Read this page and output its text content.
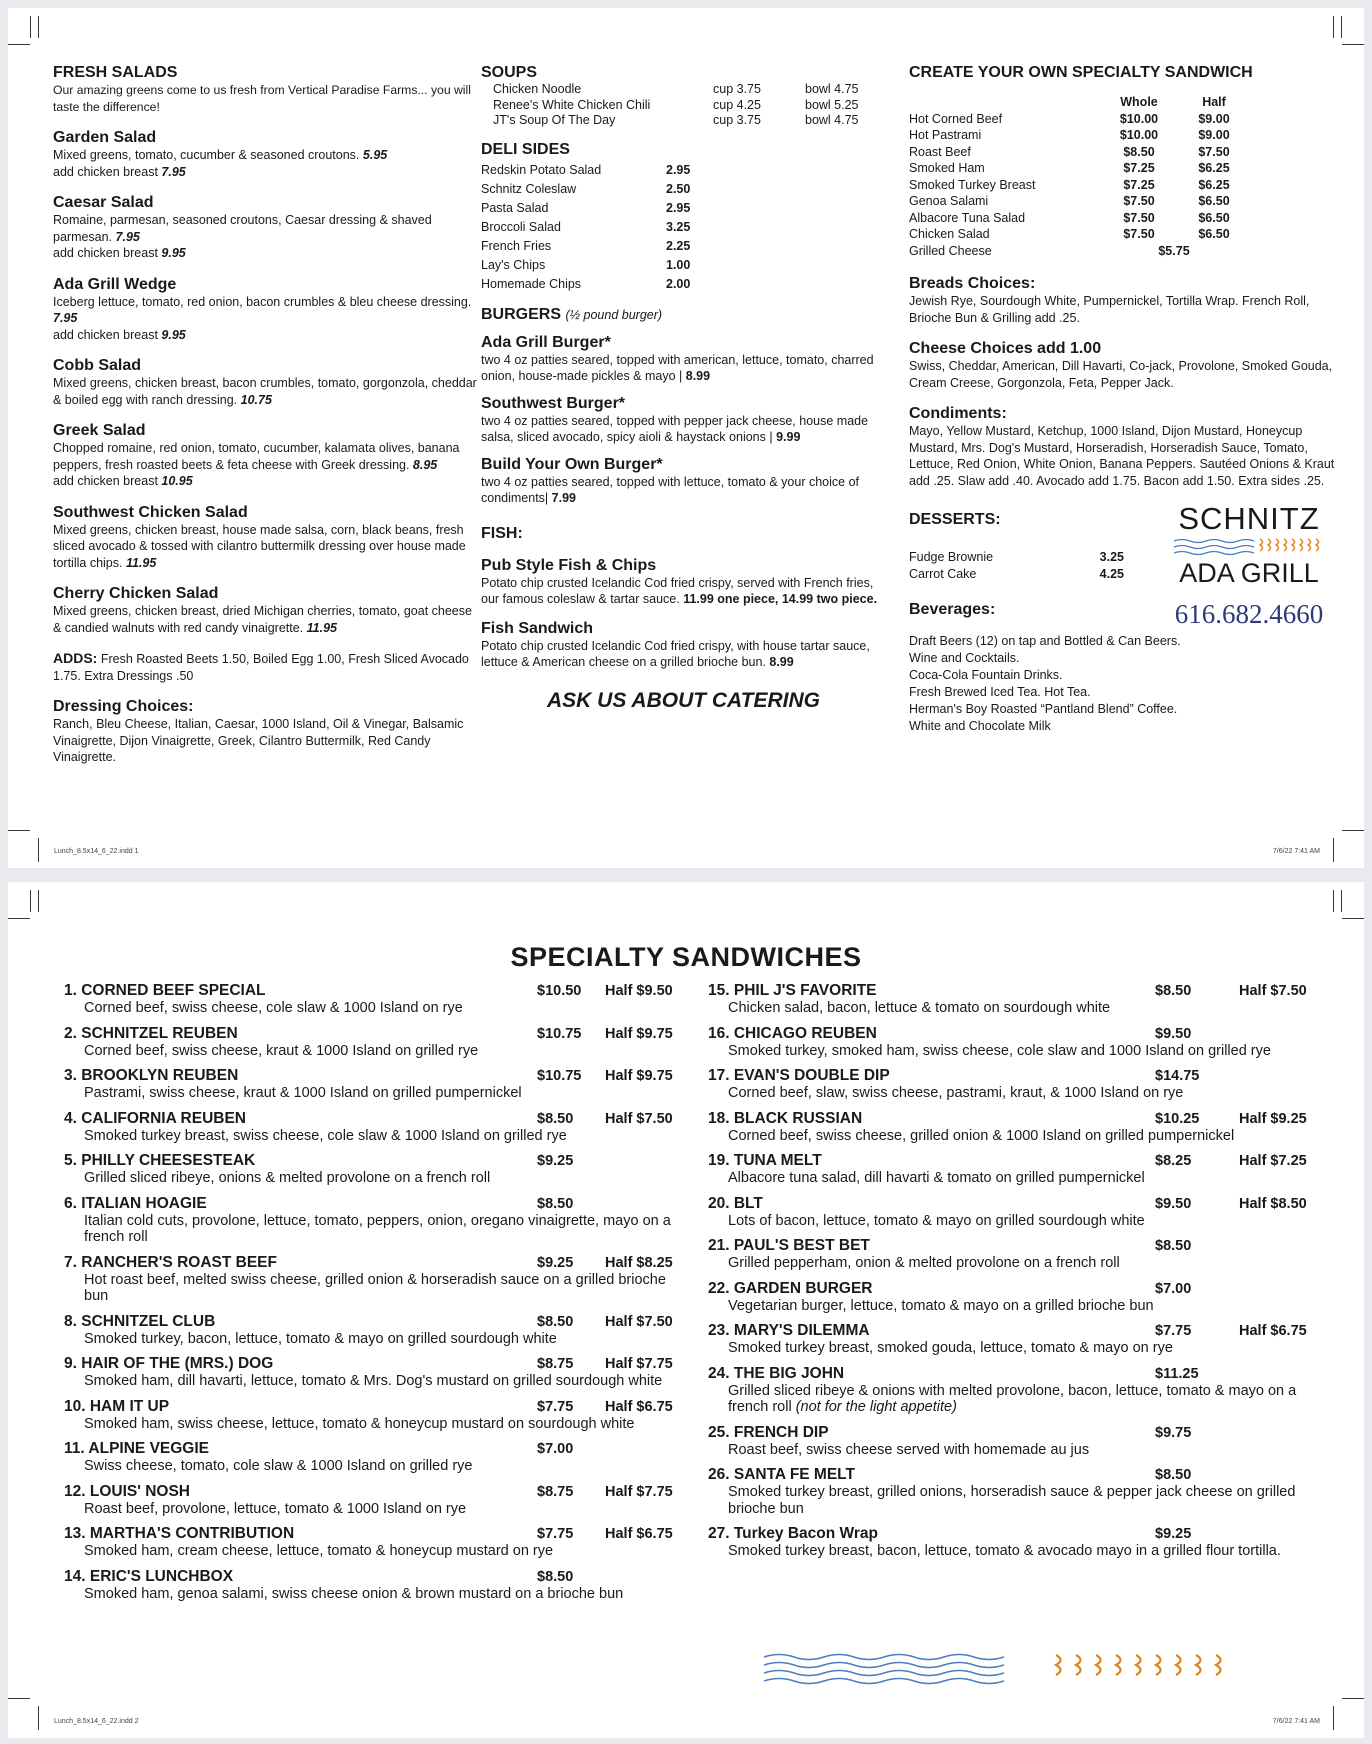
Lunch_8.5x14_6_22.indd 1	7/6/22 7:41 AM
FRESH SALADS
Our amazing greens come to us fresh from Vertical Paradise Farms... you will taste the difference!
Garden Salad
Mixed greens, tomato, cucumber & seasoned croutons. 5.95
add chicken breast 7.95
Caesar Salad
Romaine, parmesan, seasoned croutons, Caesar dressing & shaved parmesan. 7.95
add chicken breast 9.95
Ada Grill Wedge
Iceberg lettuce, tomato, red onion, bacon crumbles & bleu cheese dressing. 7.95
add chicken breast 9.95
Cobb Salad
Mixed greens, chicken breast, bacon crumbles, tomato, gorgonzola, cheddar & boiled egg with ranch dressing. 10.75
Greek Salad
Chopped romaine, red onion, tomato, cucumber, kalamata olives, banana peppers, fresh roasted beets & feta cheese with Greek dressing. 8.95
add chicken breast 10.95
Southwest Chicken Salad
Mixed greens, chicken breast, house made salsa, corn, black beans, fresh sliced avocado & tossed with cilantro buttermilk dressing over house made tortilla chips. 11.95
Cherry Chicken Salad
Mixed greens, chicken breast, dried Michigan cherries, tomato, goat cheese & candied walnuts with red candy vinaigrette. 11.95
ADDS: Fresh Roasted Beets 1.50, Boiled Egg 1.00, Fresh Sliced Avocado 1.75. Extra Dressings .50
Dressing Choices:
Ranch, Bleu Cheese, Italian, Caesar, 1000 Island, Oil & Vinegar, Balsamic Vinaigrette, Dijon Vinaigrette, Greek, Cilantro Buttermilk, Red Candy Vinaigrette.
SOUPS
Chicken Noodle	cup 3.75	bowl 4.75
Renee's White Chicken Chili	cup 4.25	bowl 5.25
JT's Soup Of The Day	cup 3.75	bowl 4.75
DELI SIDES
Redskin Potato Salad	2.95
Schnitz Coleslaw	2.50
Pasta Salad	2.95
Broccoli Salad	3.25
French Fries	2.25
Lay's Chips	1.00
Homemade Chips	2.00
BURGERS (½ pound burger)
Ada Grill Burger*
two 4 oz patties seared, topped with american, lettuce, tomato, charred onion, house-made pickles & mayo | 8.99
Southwest Burger*
two 4 oz patties seared, topped with pepper jack cheese, house made salsa, sliced avocado, spicy aioli & haystack onions | 9.99
Build Your Own Burger*
two 4 oz patties seared, topped with lettuce, tomato & your choice of condiments| 7.99
FISH:
Pub Style Fish & Chips
Potato chip crusted Icelandic Cod fried crispy, served with French fries, our famous coleslaw & tartar sauce. 11.99 one piece, 14.99 two piece.
Fish Sandwich
Potato chip crusted Icelandic Cod fried crispy, with house tartar sauce, lettuce & American cheese on a grilled brioche bun. 8.99
ASK US ABOUT CATERING
CREATE YOUR OWN SPECIALTY SANDWICH
	Whole	Half
Hot Corned Beef	$10.00	$9.00
Hot Pastrami	$10.00	$9.00
Roast Beef	$8.50	$7.50
Smoked Ham	$7.25	$6.25
Smoked Turkey Breast	$7.25	$6.25
Genoa Salami	$7.50	$6.50
Albacore Tuna Salad	$7.50	$6.50
Chicken Salad	$7.50	$6.50
Grilled Cheese	$5.75	
Breads Choices:
Jewish Rye, Sourdough White, Pumpernickel, Tortilla Wrap. French Roll, Brioche Bun & Grilling add .25.
Cheese Choices add 1.00
Swiss, Cheddar, American, Dill Havarti, Co-jack, Provolone, Smoked Gouda, Cream Creese, Gorgonzola, Feta, Pepper Jack.
Condiments:
Mayo, Yellow Mustard, Ketchup, 1000 Island, Dijon Mustard, Honeycup Mustard, Mrs. Dog's Mustard, Horseradish, Horseradish Sauce, Tomato, Lettuce, Red Onion, White Onion, Banana Peppers. Sautéed Onions & Kraut add .25. Slaw add .40. Avocado add 1.75. Bacon add 1.50. Extra sides .25.
DESSERTS:
Fudge Brownie	3.25
Carrot Cake	4.25
Beverages:
Draft Beers (12) on tap and Bottled & Can Beers.
Wine and Cocktails.
Coca-Cola Fountain Drinks.
Fresh Brewed Iced Tea. Hot Tea.
Herman's Boy Roasted “Pantland Blend” Coffee.
White and Chocolate Milk
SCHNITZ
ADA GRILL
616.682.4660
Lunch_8.5x14_6_22.indd 2	7/6/22 7:41 AM
SPECIALTY SANDWICHES
1. CORNED BEEF SPECIAL
Corned beef, swiss cheese, cole slaw & 1000 Island on rye
$10.50 Half $9.50
2. SCHNITZEL REUBEN
Corned beef, swiss cheese, kraut & 1000 Island on grilled rye
$10.75 Half $9.75
3. BROOKLYN REUBEN
Pastrami, swiss cheese, kraut & 1000 Island on grilled pumpernickel
$10.75 Half $9.75
4. CALIFORNIA REUBEN
Smoked turkey breast, swiss cheese, cole slaw & 1000 Island on grilled rye
$8.50 Half $7.50
5. PHILLY CHEESESTEAK
Grilled sliced ribeye, onions & melted provolone on a french roll
$9.25
6. ITALIAN HOAGIE
Italian cold cuts, provolone, lettuce, tomato, peppers, onion, oregano vinaigrette, mayo on a french roll
$8.50
7. RANCHER'S ROAST BEEF
Hot roast beef, melted swiss cheese, grilled onion & horseradish sauce on a grilled brioche bun
$9.25 Half $8.25
8. SCHNITZEL CLUB
Smoked turkey, bacon, lettuce, tomato & mayo on grilled sourdough white
$8.50 Half $7.50
9. HAIR OF THE (MRS.) DOG
Smoked ham, dill havarti, lettuce, tomato & Mrs. Dog's mustard on grilled sourdough white
$8.75 Half $7.75
10. HAM IT UP
Smoked ham, swiss cheese, lettuce, tomato & honeycup mustard on sourdough white
$7.75 Half $6.75
11. ALPINE VEGGIE
Swiss cheese, tomato, cole slaw & 1000 Island on grilled rye
$7.00
12. LOUIS' NOSH
Roast beef, provolone, lettuce, tomato & 1000 Island on rye
$8.75 Half $7.75
13. MARTHA'S CONTRIBUTION
Smoked ham, cream cheese, lettuce, tomato & honeycup mustard on rye
$7.75 Half $6.75
14. ERIC'S LUNCHBOX
Smoked ham, genoa salami, swiss cheese onion & brown mustard on a brioche bun
$8.50
15. PHIL J'S FAVORITE
Chicken salad, bacon, lettuce & tomato on sourdough white
$8.50	Half $7.50
16. CHICAGO REUBEN
Smoked turkey, smoked ham, swiss cheese, cole slaw and 1000 Island on grilled rye
$9.50
17. EVAN'S DOUBLE DIP
Corned beef, slaw, swiss cheese, pastrami, kraut, & 1000 Island on rye
$14.75
18. BLACK RUSSIAN
Corned beef, swiss cheese, grilled onion & 1000 Island on grilled pumpernickel
$10.25	Half $9.25
19. TUNA MELT
Albacore tuna salad, dill havarti & tomato on grilled pumpernickel
$8.25	Half $7.25
20. BLT
Lots of bacon, lettuce, tomato & mayo on grilled sourdough white
$9.50	Half $8.50
21. PAUL'S BEST BET
Grilled pepperham, onion & melted provolone on a french roll
$8.50
22. GARDEN BURGER
Vegetarian burger, lettuce, tomato & mayo on a grilled brioche bun
$7.00
23. MARY'S DILEMMA
Smoked turkey breast, smoked gouda, lettuce, tomato & mayo on rye
$7.75	Half $6.75
24. THE BIG JOHN
Grilled sliced ribeye & onions with melted provolone, bacon, lettuce, tomato & mayo on a french roll (not for the light appetite)
$11.25
25. FRENCH DIP
Roast beef, swiss cheese served with homemade au jus
$9.75
26. SANTA FE MELT
Smoked turkey breast, grilled onions, horseradish sauce & pepper jack cheese on grilled brioche bun
$8.50
27. Turkey Bacon Wrap
Smoked turkey breast, bacon, lettuce, tomato & avocado mayo in a grilled flour tortilla.
$9.25
